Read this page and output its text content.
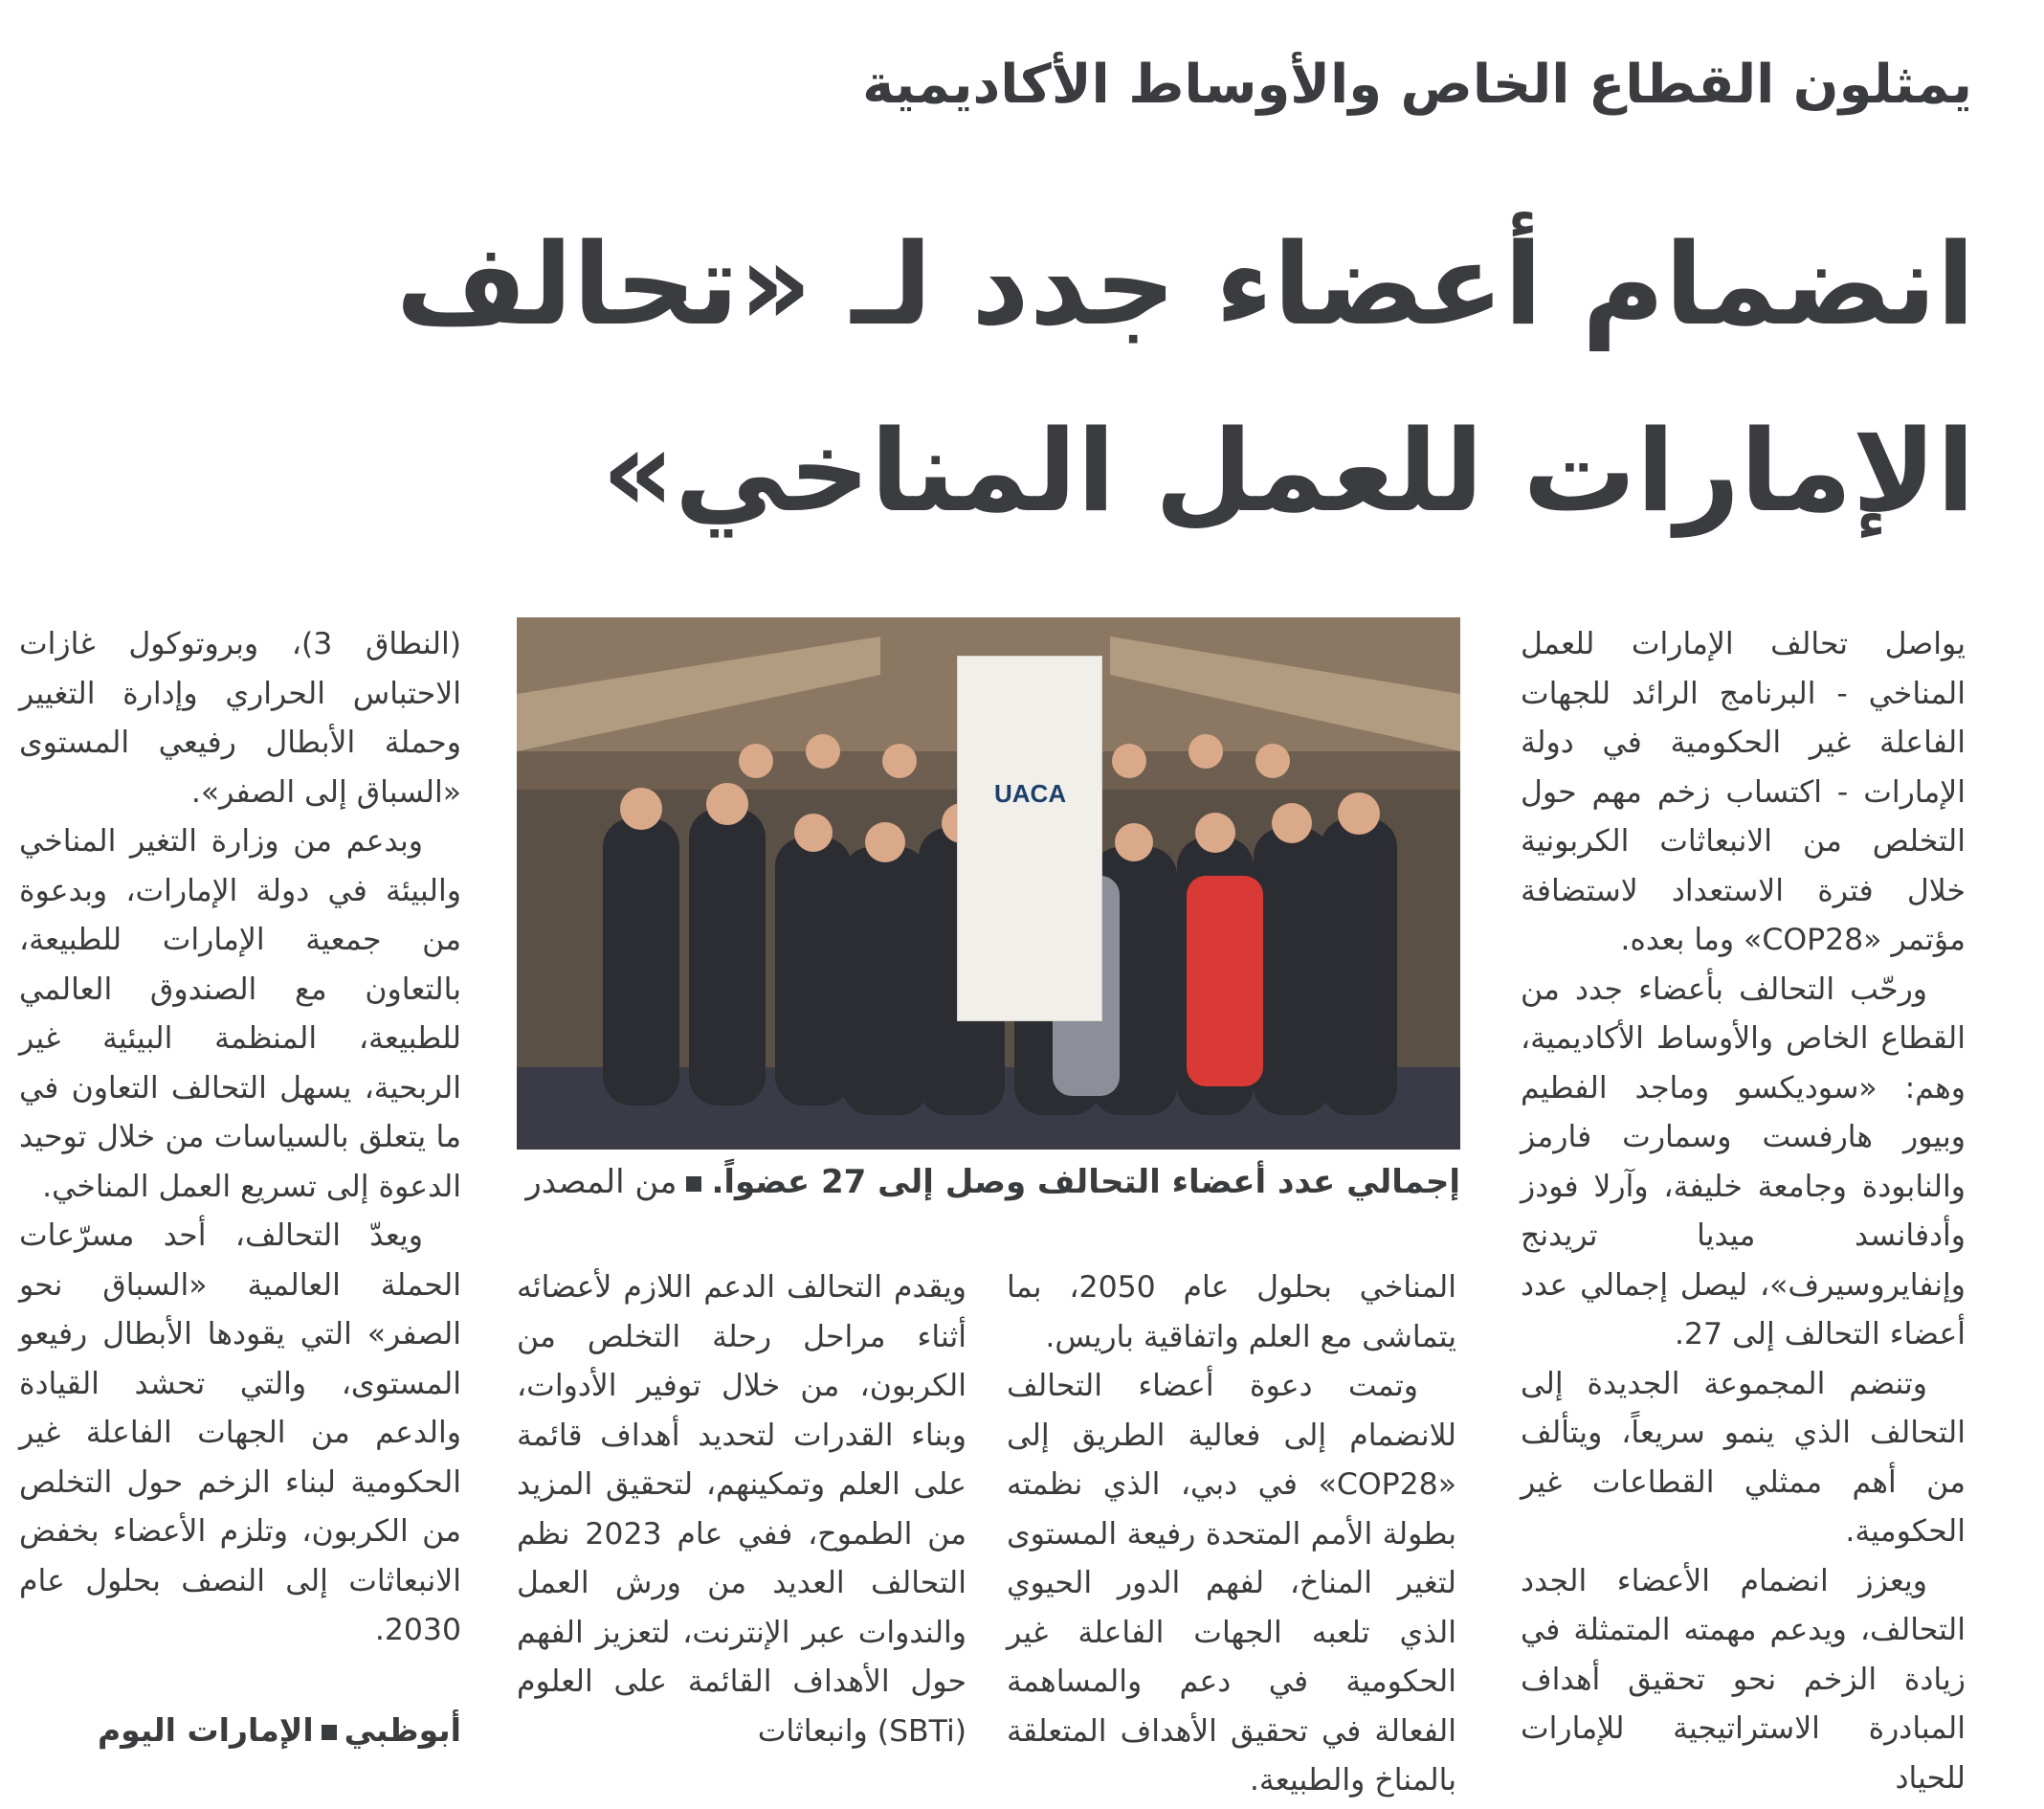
يمثلون القطاع الخاص والأوساط الأكاديمية
انضمام أعضاء جدد لـ «تحالف
الإمارات للعمل المناخي»

يواصل تحالف الإمارات للعمل المناخي - البرنامج الرائد للجهات الفاعلة غير الحكومية في دولة الإمارات - اكتساب زخم مهم حول التخلص من الانبعاثات الكربونية خلال فترة الاستعداد لاستضافة مؤتمر «COP28» وما بعده.

ورحّب التحالف بأعضاء جدد من القطاع الخاص والأوساط الأكاديمية، وهم: «سوديكسو وماجد الفطيم وبيور هارفست وسمارت فارمز والنابودة وجامعة خليفة، وآرلا فودز وأدفانسد ميديا تريدنج وإنفايروسيرف»، ليصل إجمالي عدد أعضاء التحالف إلى 27.

وتنضم المجموعة الجديدة إلى التحالف الذي ينمو سريعاً، ويتألف من أهم ممثلي القطاعات غير الحكومية.

ويعزز انضمام الأعضاء الجدد التحالف، ويدعم مهمته المتمثلة في زيادة الزخم نحو تحقيق أهداف المبادرة الاستراتيجية للإمارات للحياد

UACA
إجمالي عدد أعضاء التحالف وصل إلى 27 عضواً.من المصدر

المناخي بحلول عام 2050، بما يتماشى مع العلم واتفاقية باريس.

وتمت دعوة أعضاء التحالف للانضمام إلى فعالية الطريق إلى «COP28» في دبي، الذي نظمته بطولة الأمم المتحدة رفيعة المستوى لتغير المناخ، لفهم الدور الحيوي الذي تلعبه الجهات الفاعلة غير الحكومية في دعم والمساهمة الفعالة في تحقيق الأهداف المتعلقة بالمناخ والطبيعة.

ويقدم التحالف الدعم اللازم لأعضائه أثناء مراحل رحلة التخلص من الكربون، من خلال توفير الأدوات، وبناء القدرات لتحديد أهداف قائمة على العلم وتمكينهم، لتحقيق المزيد من الطموح، ففي عام 2023 نظم التحالف العديد من ورش العمل والندوات عبر الإنترنت، لتعزيز الفهم حول الأهداف القائمة على العلوم (SBTi) وانبعاثات

(النطاق 3)، وبروتوكول غازات الاحتباس الحراري وإدارة التغيير وحملة الأبطال رفيعي المستوى «السباق إلى الصفر».

وبدعم من وزارة التغير المناخي والبيئة في دولة الإمارات، وبدعوة من جمعية الإمارات للطبيعة، بالتعاون مع الصندوق العالمي للطبيعة، المنظمة البيئية غير الربحية، يسهل التحالف التعاون في ما يتعلق بالسياسات من خلال توحيد الدعوة إلى تسريع العمل المناخي.

ويعدّ التحالف، أحد مسرّعات الحملة العالمية «السباق نحو الصفر» التي يقودها الأبطال رفيعو المستوى، والتي تحشد القيادة والدعم من الجهات الفاعلة غير الحكومية لبناء الزخم حول التخلص من الكربون، وتلزم الأعضاء بخفض الانبعاثات إلى النصف بحلول عام 2030.

أبوظبيالإمارات اليوم
